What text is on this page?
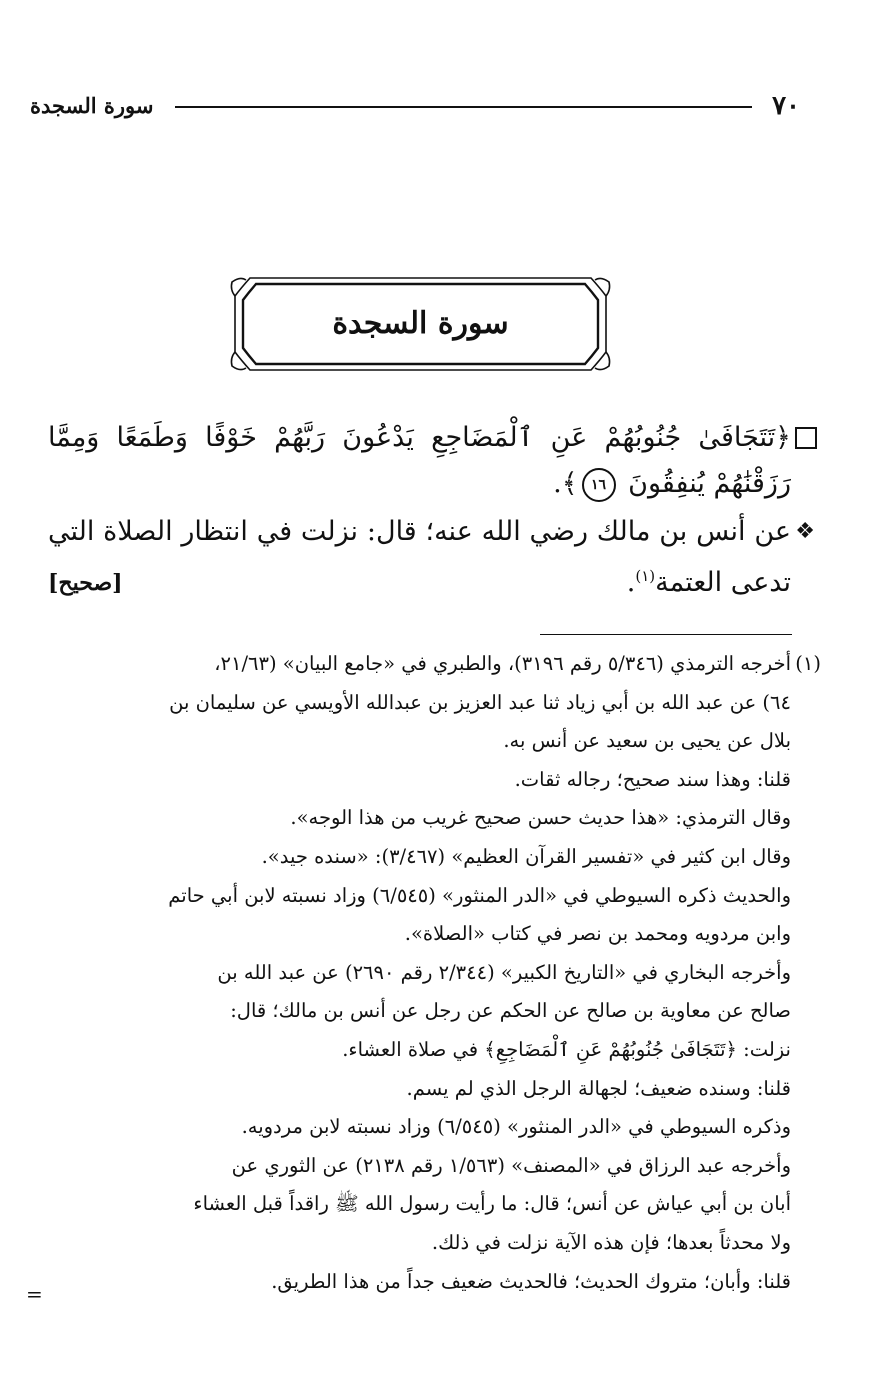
٧٠
سورة السجدة
سورة السجدة
﴿تَتَجَافَىٰ جُنُوبُهُمْ عَنِ ٱلْمَضَاجِعِ يَدْعُونَ رَبَّهُمْ خَوْفًا وَطَمَعًا وَمِمَّا رَزَقْنَٰهُمْ يُنفِقُونَ ١٦﴾.
❖
عن أنس بن مالك رضي الله عنه؛ قال: نزلت في انتظار الصلاة التي تدعى العتمة$^{(١)}$.
[صحيح]
(١)
أخرجه الترمذي (٥/٣٤٦ رقم ٣١٩٦)، والطبري في «جامع البيان» (٢١/٦٣،
٦٤) عن عبد الله بن أبي زياد ثنا عبد العزيز بن عبدالله الأويسي عن سليمان بن
بلال عن يحيى بن سعيد عن أنس به.
قلنا: وهذا سند صحيح؛ رجاله ثقات.
وقال الترمذي: «هذا حديث حسن صحيح غريب من هذا الوجه».
وقال ابن كثير في «تفسير القرآن العظيم» (٣/٤٦٧): «سنده جيد».
والحديث ذكره السيوطي في «الدر المنثور» (٦/٥٤٥) وزاد نسبته لابن أبي حاتم
وابن مردويه ومحمد بن نصر في كتاب «الصلاة».
وأخرجه البخاري في «التاريخ الكبير» (٢/٣٤٤ رقم ٢٦٩٠) عن عبد الله بن
صالح عن معاوية بن صالح عن الحكم عن رجل عن أنس بن مالك؛ قال:
نزلت: ﴿تَتَجَافَىٰ جُنُوبُهُمْ عَنِ ٱلْمَضَاجِعِ﴾ في صلاة العشاء.
قلنا: وسنده ضعيف؛ لجهالة الرجل الذي لم يسم.
وذكره السيوطي في «الدر المنثور» (٦/٥٤٥) وزاد نسبته لابن مردويه.
وأخرجه عبد الرزاق في «المصنف» (١/٥٦٣ رقم ٢١٣٨) عن الثوري عن
أبان بن أبي عياش عن أنس؛ قال: ما رأيت رسول الله ﷺ راقداً قبل العشاء
ولا محدثاً بعدها؛ فإن هذه الآية نزلت في ذلك.
قلنا: وأبان؛ متروك الحديث؛ فالحديث ضعيف جداً من هذا الطريق.
=
